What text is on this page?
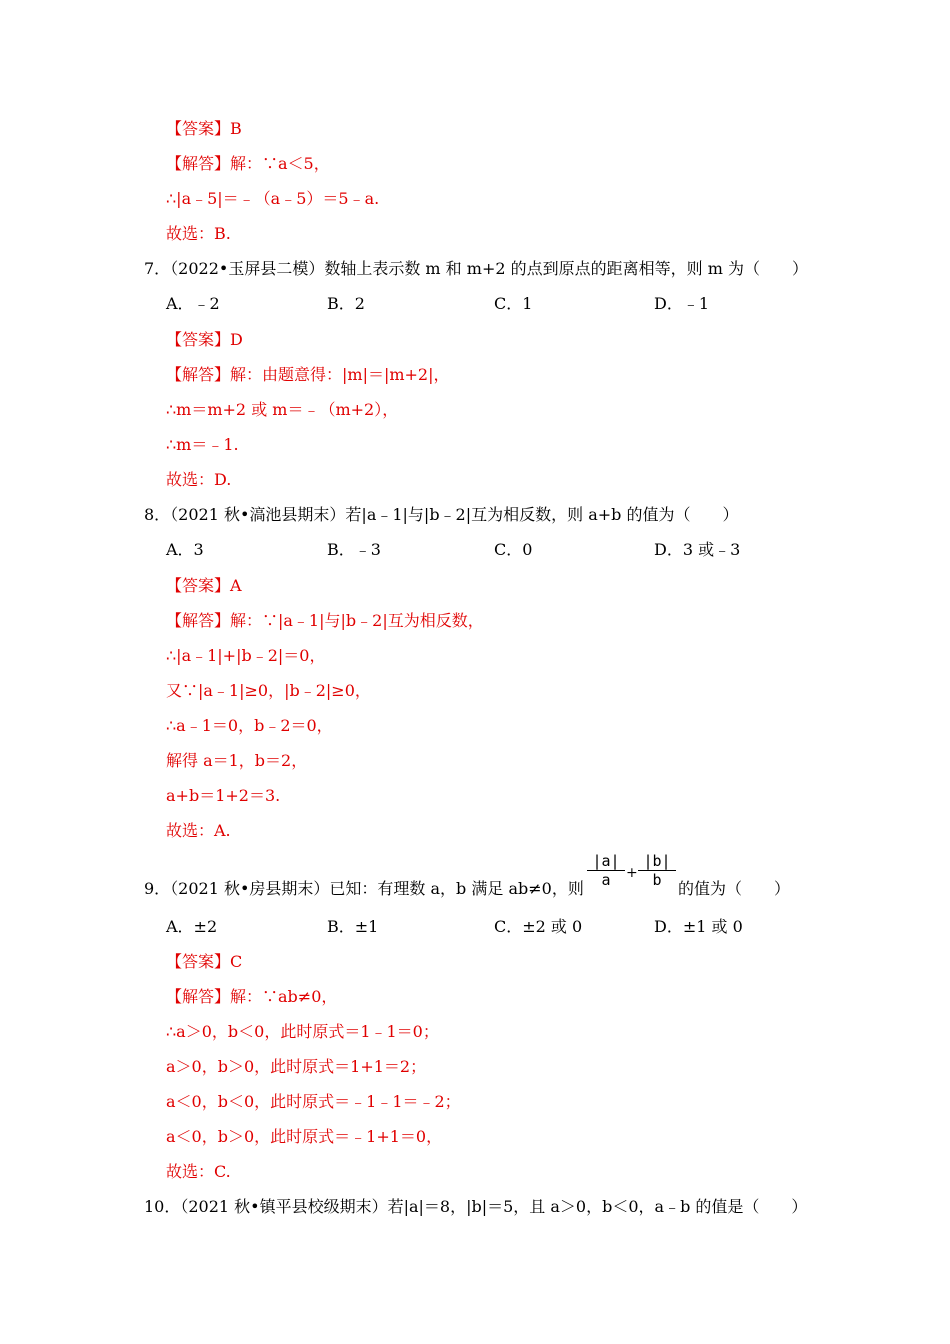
【答案】B
【解答】解：∵a＜5，
∴|a﹣5|＝﹣（a﹣5）＝5﹣a.
故选：B.
7．（2022•玉屏县二模）数轴上表示数 m 和 m+2 的点到原点的距离相等，则 m 为（　　）
A．﹣2	B．2	C．1	D．﹣1
【答案】D
【解答】解：由题意得：|m|＝|m+2|，
∴m＝m+2 或 m＝﹣（m+2），
∴m＝﹣1.
故选：D.
8．（2021 秋•滈池县期末）若|a﹣1|与|b﹣2|互为相反数，则 a+b 的值为（　　）
A．3	B．﹣3	C．0	D．3 或﹣3
【答案】A
【解答】解：∵|a﹣1|与|b﹣2|互为相反数，
∴|a﹣1|+|b﹣2|＝0，
又∵|a﹣1|≥0，|b﹣2|≥0，
∴a﹣1＝0，b﹣2＝0，
解得 a＝1，b＝2，
a+b＝1+2＝3.
故选：A.
9．（2021 秋•房县期末）已知：有理数 a，b 满足 ab≠0，则
|a|
a	+
|b|
b	的值为（　　）
A．±2	B．±1	C．±2 或 0	D．±1 或 0
【答案】C
【解答】解：∵ab≠0，
∴a＞0，b＜0，此时原式＝1﹣1＝0；
a＞0，b＞0，此时原式＝1+1＝2；
a＜0，b＜0，此时原式＝﹣1﹣1＝﹣2；
a＜0，b＞0，此时原式＝﹣1+1＝0，
故选：C.
10．（2021 秋•镇平县校级期末）若|a|＝8，|b|＝5，且 a＞0，b＜0，a﹣b 的值是（　　）
